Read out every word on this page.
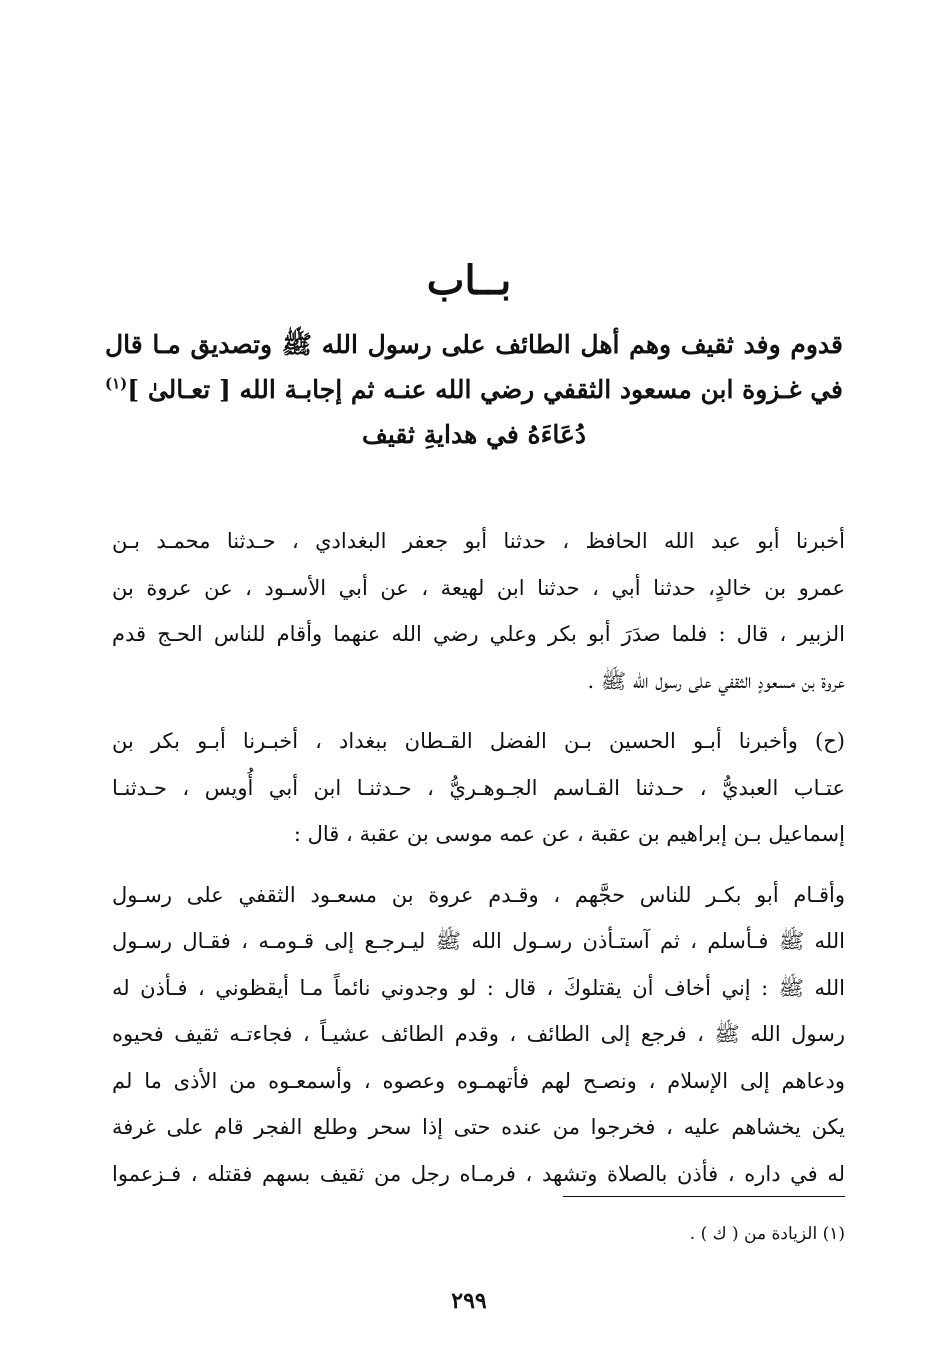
بــاب
قدوم وفد ثقيف وهم أهل الطائف على رسول الله ﷺ وتصديق مـا قال
في غـزوة ابن مسعود الثقفي رضي الله عنـه ثم إجابـة الله [ تعـالىٰ ]$^{(١)}$
دُعَاءَهُ في هدايةِ ثقيف
أخبرنا أبو عبد الله الحافظ ، حدثنا أبو جعفر البغدادي ، حـدثنا محمـد بـن
عمرو بن خالدٍ، حدثنا أبي ، حدثنا ابن لهيعة ، عن أبي الأسـود ، عن عروة بن
الزبير ، قال : فلما صدَرَ أبو بكر وعلي رضي الله عنهما وأقام للناس الحـج قدم
عروة بن مسعودٍ الثقفي على رسول الله ﷺ .
(ح) وأخبرنا أبـو الحسين بـن الفضل القـطان ببغداد ، أخبـرنا أبـو بكر بن
عتـاب العبديُّ ، حـدثنا القـاسم الجـوهـريُّ ، حـدثنـا ابن أبي أُويس ، حـدثنـا
إسماعيل بـن إبراهيم بن عقبة ، عن عمه موسى بن عقبة ، قال :
وأقـام أبو بكـر للناس حجَّهم ، وقـدم عروة بن مسعـود الثقفي على رسـول
الله ﷺ فـأسلم ، ثم آستـأذن رسـول الله ﷺ ليـرجـع إلى قـومـه ، فقـال رسـول
الله ﷺ : إني أخاف أن يقتلوكَ ، قال : لو وجدوني نائماً مـا أيقظوني ، فـأذن له
رسول الله ﷺ ، فرجع إلى الطائف ، وقدم الطائف عشيـاً ، فجاءتـه ثقيف فحيوه
ودعاهم إلى الإسلام ، ونصـح لهم فأتهمـوه وعصوه ، وأسمعـوه من الأذى ما لم
يكن يخشاهم عليه ، فخرجوا من عنده حتى إذا سحر وطلع الفجر قام على غرفة
له في داره ، فأذن بالصلاة وتشهد ، فرمـاه رجل من ثقيف بسهم فقتله ، فـزعموا
(١) الزيادة من ( ك ) .
٢٩٩
